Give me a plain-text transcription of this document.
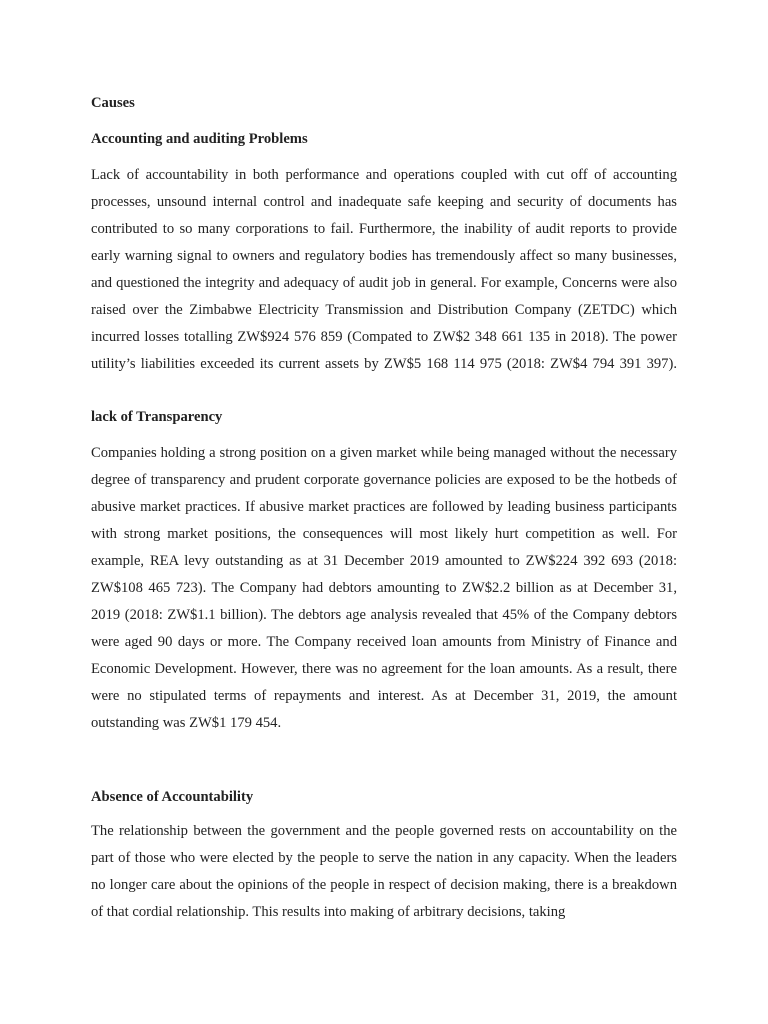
Causes
Accounting and auditing Problems
Lack of accountability in both performance and operations coupled with cut off of accounting processes, unsound internal control and inadequate safe keeping and security of documents has contributed to so many corporations to fail. Furthermore, the inability of audit reports to provide early warning signal to owners and regulatory bodies has tremendously affect so many businesses, and questioned the integrity and adequacy of audit job in general. For example, Concerns were also raised over the Zimbabwe Electricity Transmission and Distribution Company (ZETDC) which incurred losses totalling ZW$924 576 859 (Compated to ZW$2 348 661 135 in 2018). The power utility’s liabilities exceeded its current assets by ZW$5 168 114 975 (2018: ZW$4 794 391 397).
lack of Transparency
Companies holding a strong position on a given market while being managed without the necessary degree of transparency and prudent corporate governance policies are exposed to be the hotbeds of abusive market practices. If abusive market practices are followed by leading business participants with strong market positions, the consequences will most likely hurt competition as well. For example, REA levy outstanding as at 31 December 2019 amounted to ZW$224 392 693 (2018: ZW$108 465 723). The Company had debtors amounting to ZW$2.2 billion as at December 31, 2019 (2018: ZW$1.1 billion). The debtors age analysis revealed that 45% of the Company debtors were aged 90 days or more. The Company received loan amounts from Ministry of Finance and Economic Development. However, there was no agreement for the loan amounts. As a result, there were no stipulated terms of repayments and interest. As at December 31, 2019, the amount outstanding was ZW$1 179 454.
Absence of Accountability
The relationship between the government and the people governed rests on accountability on the part of those who were elected by the people to serve the nation in any capacity. When the leaders no longer care about the opinions of the people in respect of decision making, there is a breakdown of that cordial relationship. This results into making of arbitrary decisions, taking
